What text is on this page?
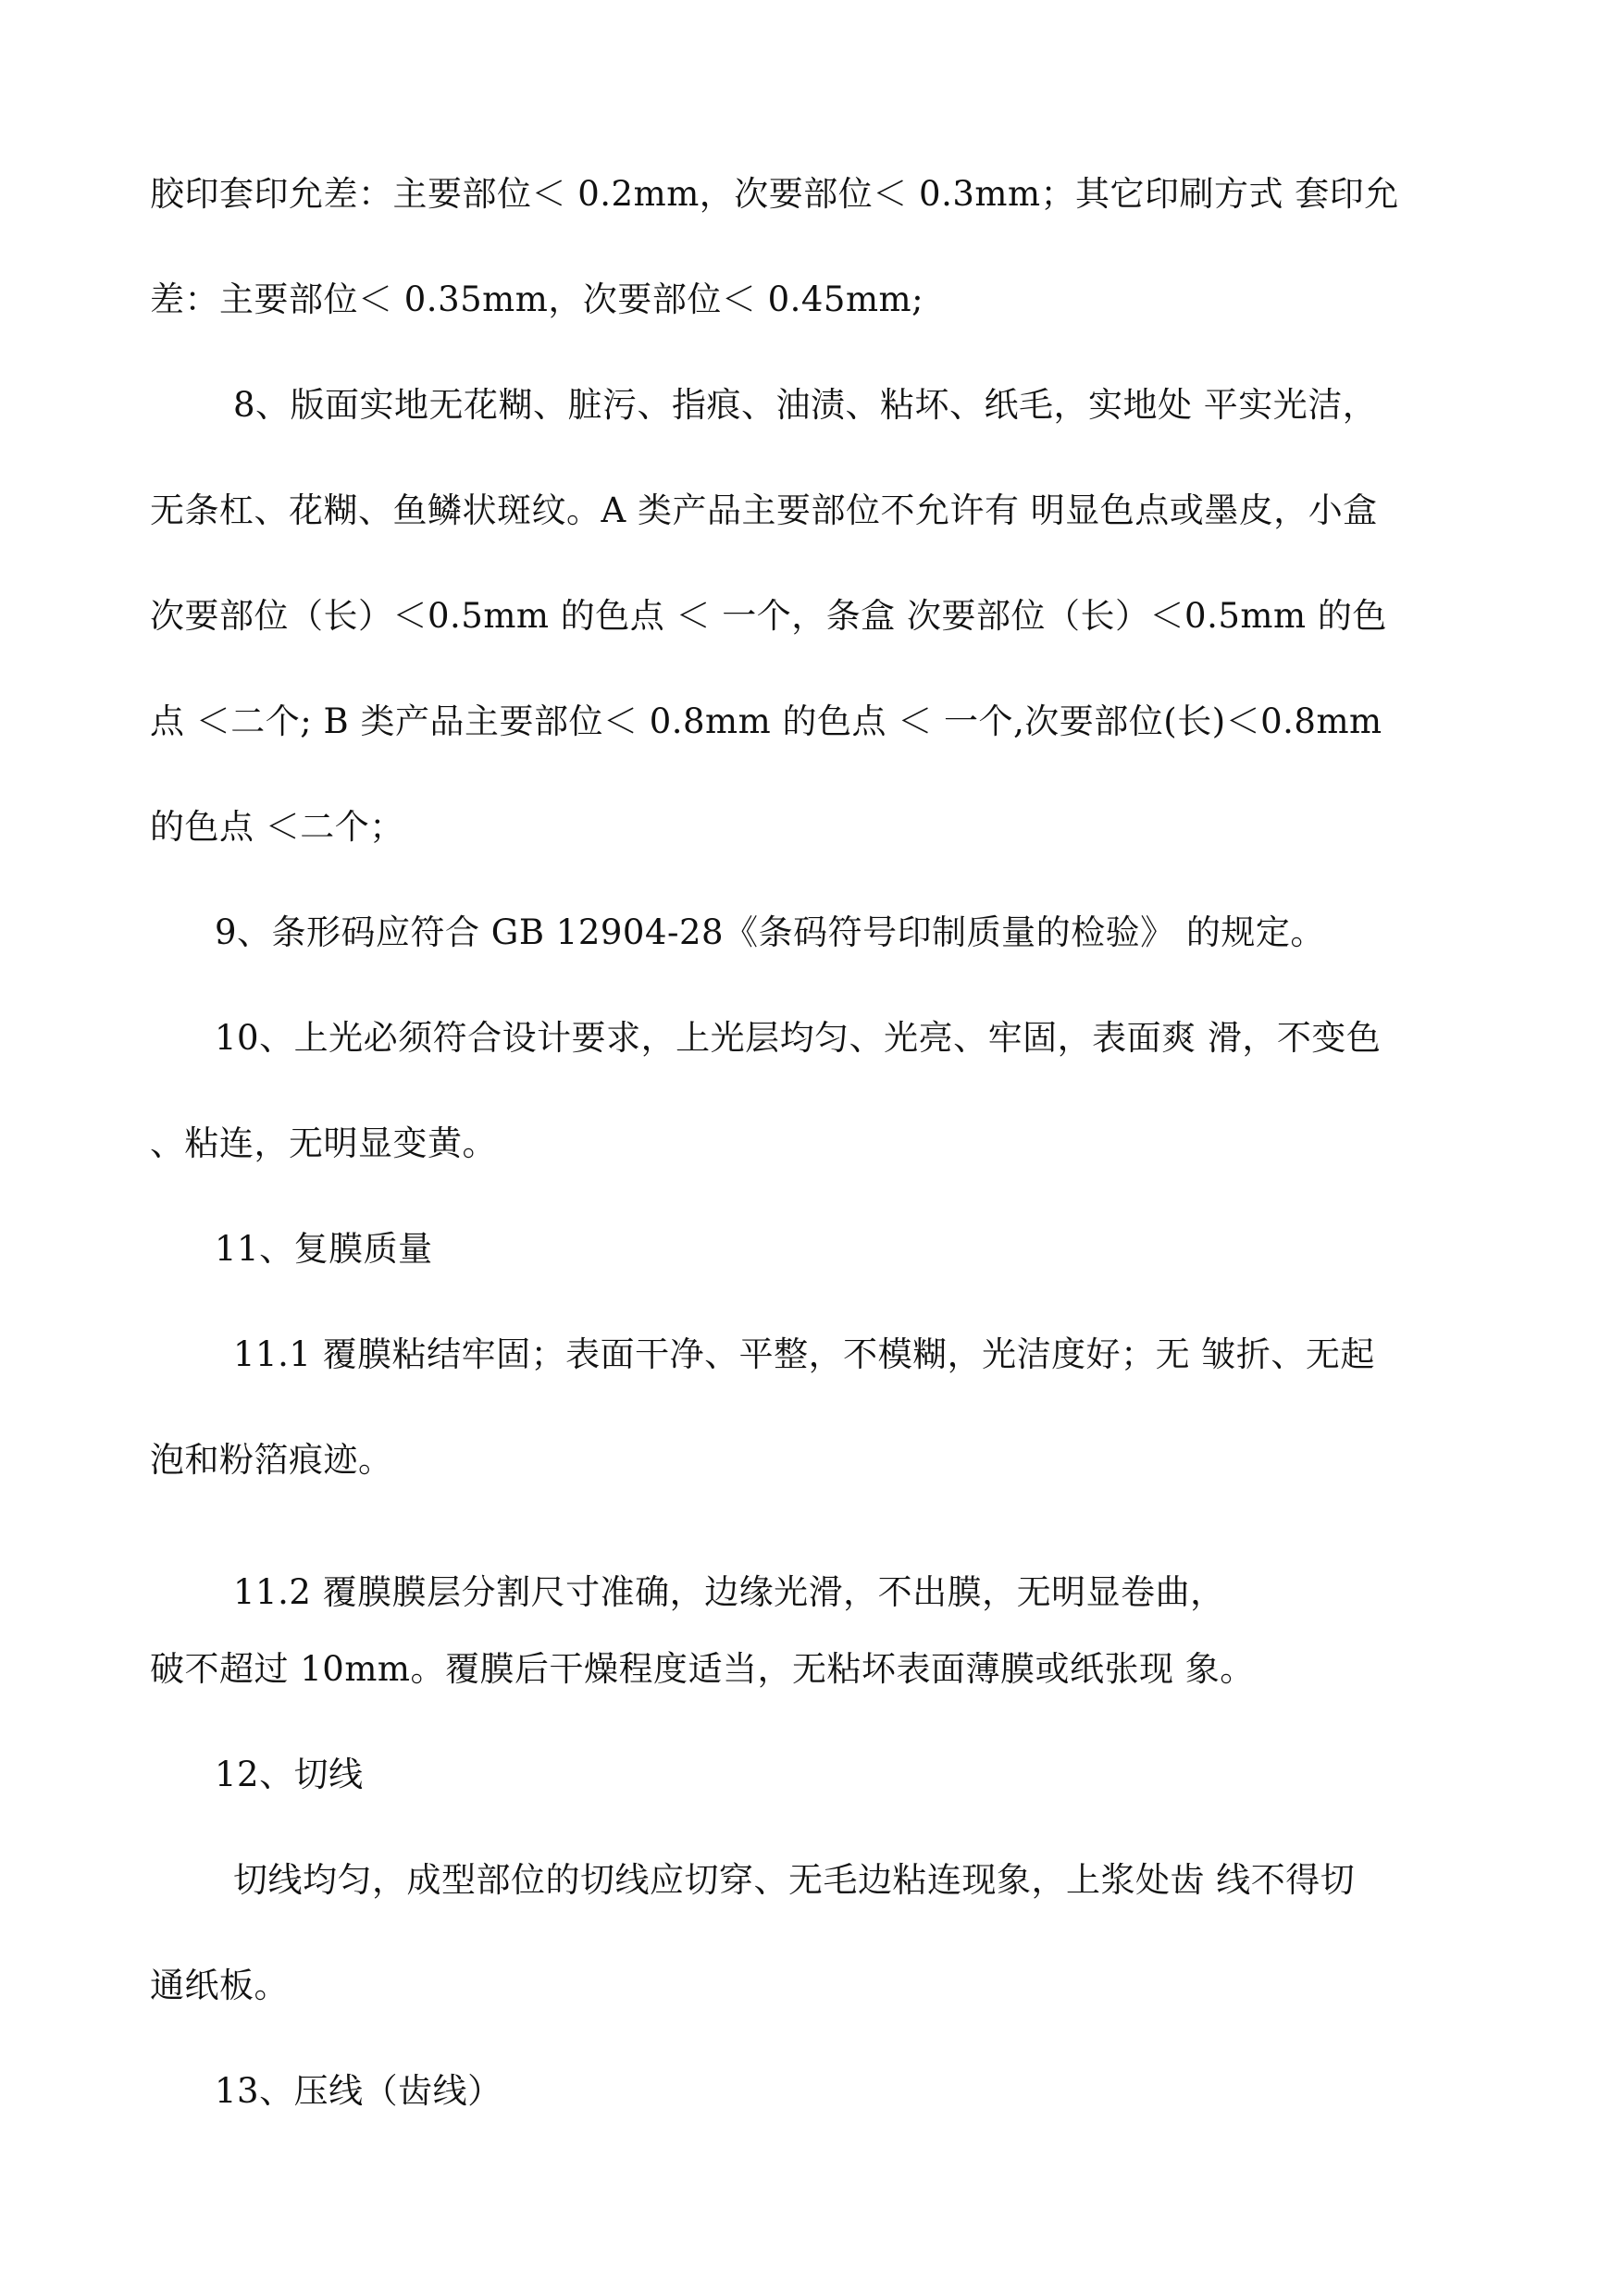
胶印套印允差：主要部位＜ 0.2mm，次要部位＜ 0.3mm；其它印刷方式 套印允
差：主要部位＜ 0.35mm，次要部位＜ 0.45mm;
8、版面实地无花糊、脏污、指痕、油渍、粘坏、纸毛，实地处 平实光洁，
无条杠、花糊、鱼鳞状斑纹。A 类产品主要部位不允许有 明显色点或墨皮，小盒
次要部位（长）＜0.5mm 的色点 ＜ 一个，条盒 次要部位（长）＜0.5mm 的色
点 ＜二个; B 类产品主要部位＜ 0.8mm 的色点 ＜ 一个,次要部位(长)＜0.8mm
的色点 ＜二个；
9、条形码应符合 GB 12904-28《条码符号印制质量的检验》 的规定。
10、上光必须符合设计要求，上光层均匀、光亮、牢固，表面爽 滑，不变色
、粘连，无明显变黄。
11、复膜质量
11.1 覆膜粘结牢固；表面干净、平整，不模糊，光洁度好；无 皱折、无起
泡和粉箔痕迹。
11.2 覆膜膜层分割尺寸准确，边缘光滑，不出膜，无明显卷曲，
破不超过 10mm。覆膜后干燥程度适当，无粘坏表面薄膜或纸张现 象。
12、切线
切线均匀，成型部位的切线应切穿、无毛边粘连现象，上浆处齿 线不得切
通纸板。
13、压线（齿线）
